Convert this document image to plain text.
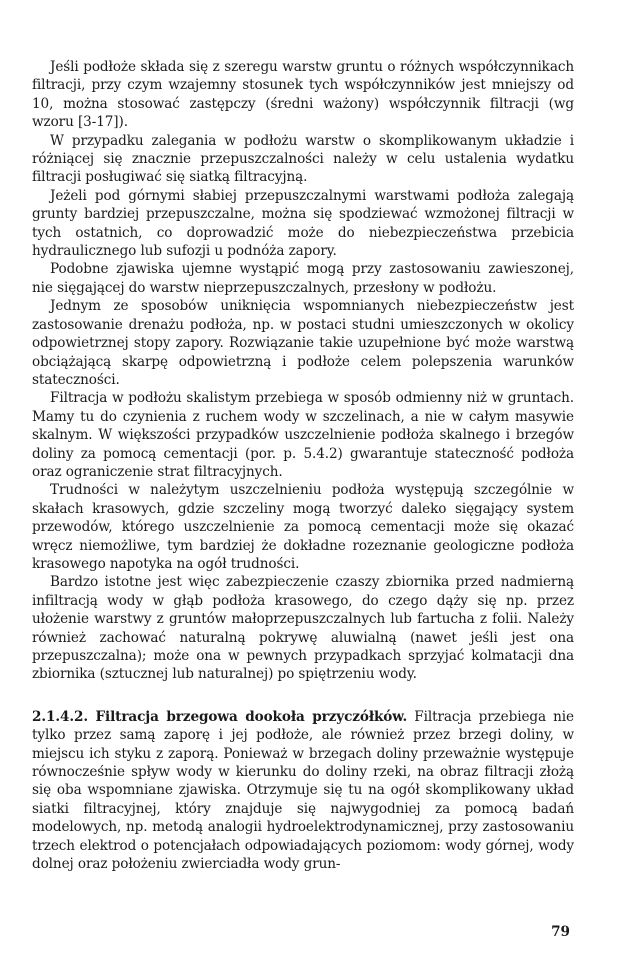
Jeśli podłoże składa się z szeregu warstw gruntu o różnych współczynnikach filtracji, przy czym wzajemny stosunek tych współczynników jest mniejszy od 10, można stosować zastępczy (średni ważony) współczynnik filtracji (wg wzoru [3-17]).

W przypadku zalegania w podłożu warstw o skomplikowanym układzie i różniącej się znacznie przepuszczalności należy w celu ustalenia wydatku filtracji posługiwać się siatką filtracyjną.

Jeżeli pod górnymi słabiej przepuszczalnymi warstwami podłoża zalegają grunty bardziej przepuszczalne, można się spodziewać wzmożonej filtracji w tych ostatnich, co doprowadzić może do niebezpieczeństwa przebicia hydraulicznego lub sufozji u podnóża zapory.

Podobne zjawiska ujemne wystąpić mogą przy zastosowaniu zawieszonej, nie sięgającej do warstw nieprzepuszczalnych, przesłony w podłożu.

Jednym ze sposobów uniknięcia wspomnianych niebezpieczeństw jest zastosowanie drenażu podłoża, np. w postaci studni umieszczonych w okolicy odpowietrznej stopy zapory. Rozwiązanie takie uzupełnione być może warstwą obciążającą skarpę odpowietrzną i podłoże celem polepszenia warunków stateczności.

Filtracja w podłożu skalistym przebiega w sposób odmienny niż w gruntach. Mamy tu do czynienia z ruchem wody w szczelinach, a nie w całym masywie skalnym. W większości przypadków uszczelnienie podłoża skalnego i brzegów doliny za pomocą cementacji (por. p. 5.4.2) gwarantuje stateczność podłoża oraz ograniczenie strat filtracyjnych.

Trudności w należytym uszczelnieniu podłoża występują szczególnie w skałach krasowych, gdzie szczeliny mogą tworzyć daleko sięgający system przewodów, którego uszczelnienie za pomocą cementacji może się okazać wręcz niemożliwe, tym bardziej że dokładne rozeznanie geologiczne podłoża krasowego napotyka na ogół trudności.

Bardzo istotne jest więc zabezpieczenie czaszy zbiornika przed nadmierną infiltracją wody w głąb podłoża krasowego, do czego dąży się np. przez ułożenie warstwy z gruntów małoprzepuszczalnych lub fartucha z folii. Należy również zachować naturalną pokrywę aluwialną (nawet jeśli jest ona przepuszczalna); może ona w pewnych przypadkach sprzyjać kolmatacji dna zbiornika (sztucznej lub naturalnej) po spiętrzeniu wody.

2.1.4.2. Filtracja brzegowa dookoła przyczółków. Filtracja przebiega nie tylko przez samą zaporę i jej podłoże, ale również przez brzegi doliny, w miejscu ich styku z zaporą. Ponieważ w brzegach doliny przeważnie występuje równocześnie spływ wody w kierunku do doliny rzeki, na obraz filtracji złożą się oba wspomniane zjawiska. Otrzymuje się tu na ogół skomplikowany układ siatki filtracyjnej, który znajduje się najwygodniej za pomocą badań modelowych, np. metodą analogii hydroelektrodynamicznej, przy zastosowaniu trzech elektrod o potencjałach odpowiadających poziomom: wody górnej, wody dolnej oraz położeniu zwierciadła wody grun-

79
